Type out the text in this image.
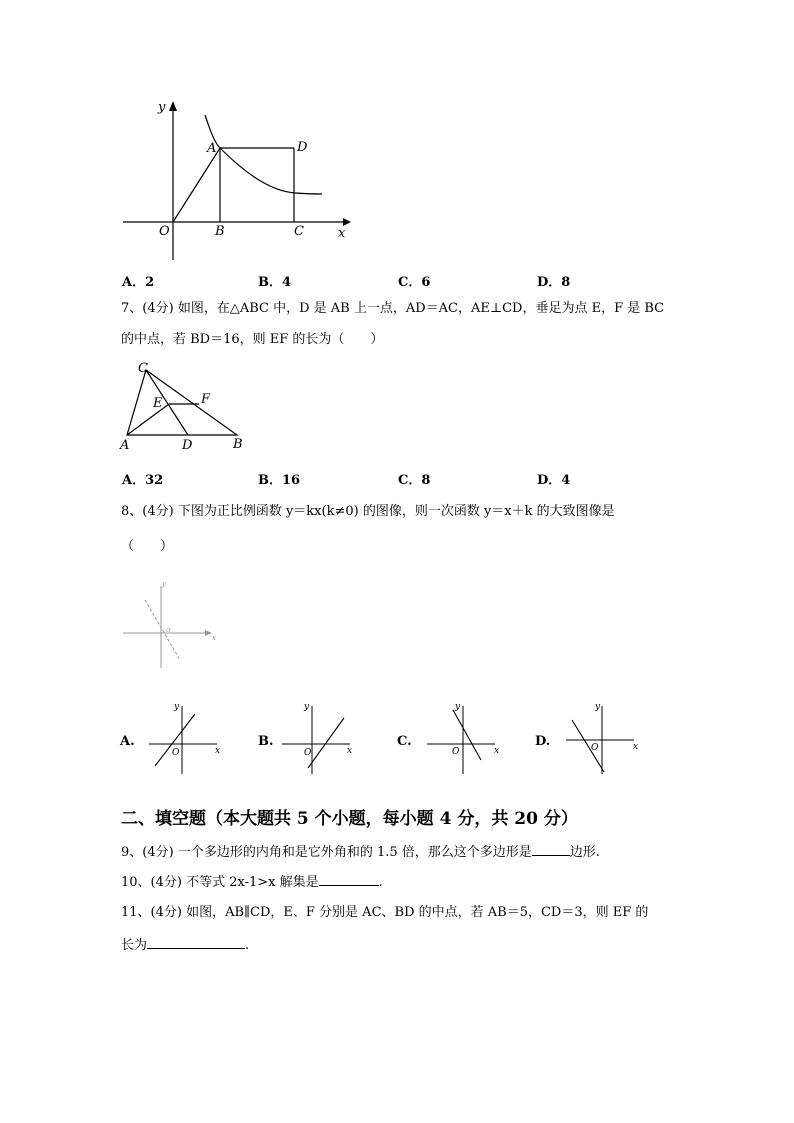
y
x
O
A
B	C
D
A．2	B．4	C．6	D．8
7、(4分) 如图，在△ABC 中，D 是 AB 上一点，AD＝AC，AE⊥CD，垂足为点 E，F 是 BC
的中点，若 BD＝16，则 EF 的长为（　　）
C
E	F
A	D	B
A．32	B．16	C．8	D．4
8、(4分) 下图为正比例函数 y＝kx(k≠0) 的图像，则一次函数 y＝x＋k 的大致图像是
（　　）
y
x
o
A.
y
x
O
B.
y
x
O
C.
y
x
O
D.
y
x
O
二、填空题（本大题共 5 个小题，每小题 4 分，共 20 分）
9、(4分) 一个多边形的内角和是它外角和的 1.5 倍，那么这个多边形是	边形.
10、(4分) 不等式 2x-1>x 解集是	.
11、(4分) 如图，AB∥CD，E、F 分别是 AC、BD 的中点，若 AB＝5，CD＝3，则 EF 的
长为	.
